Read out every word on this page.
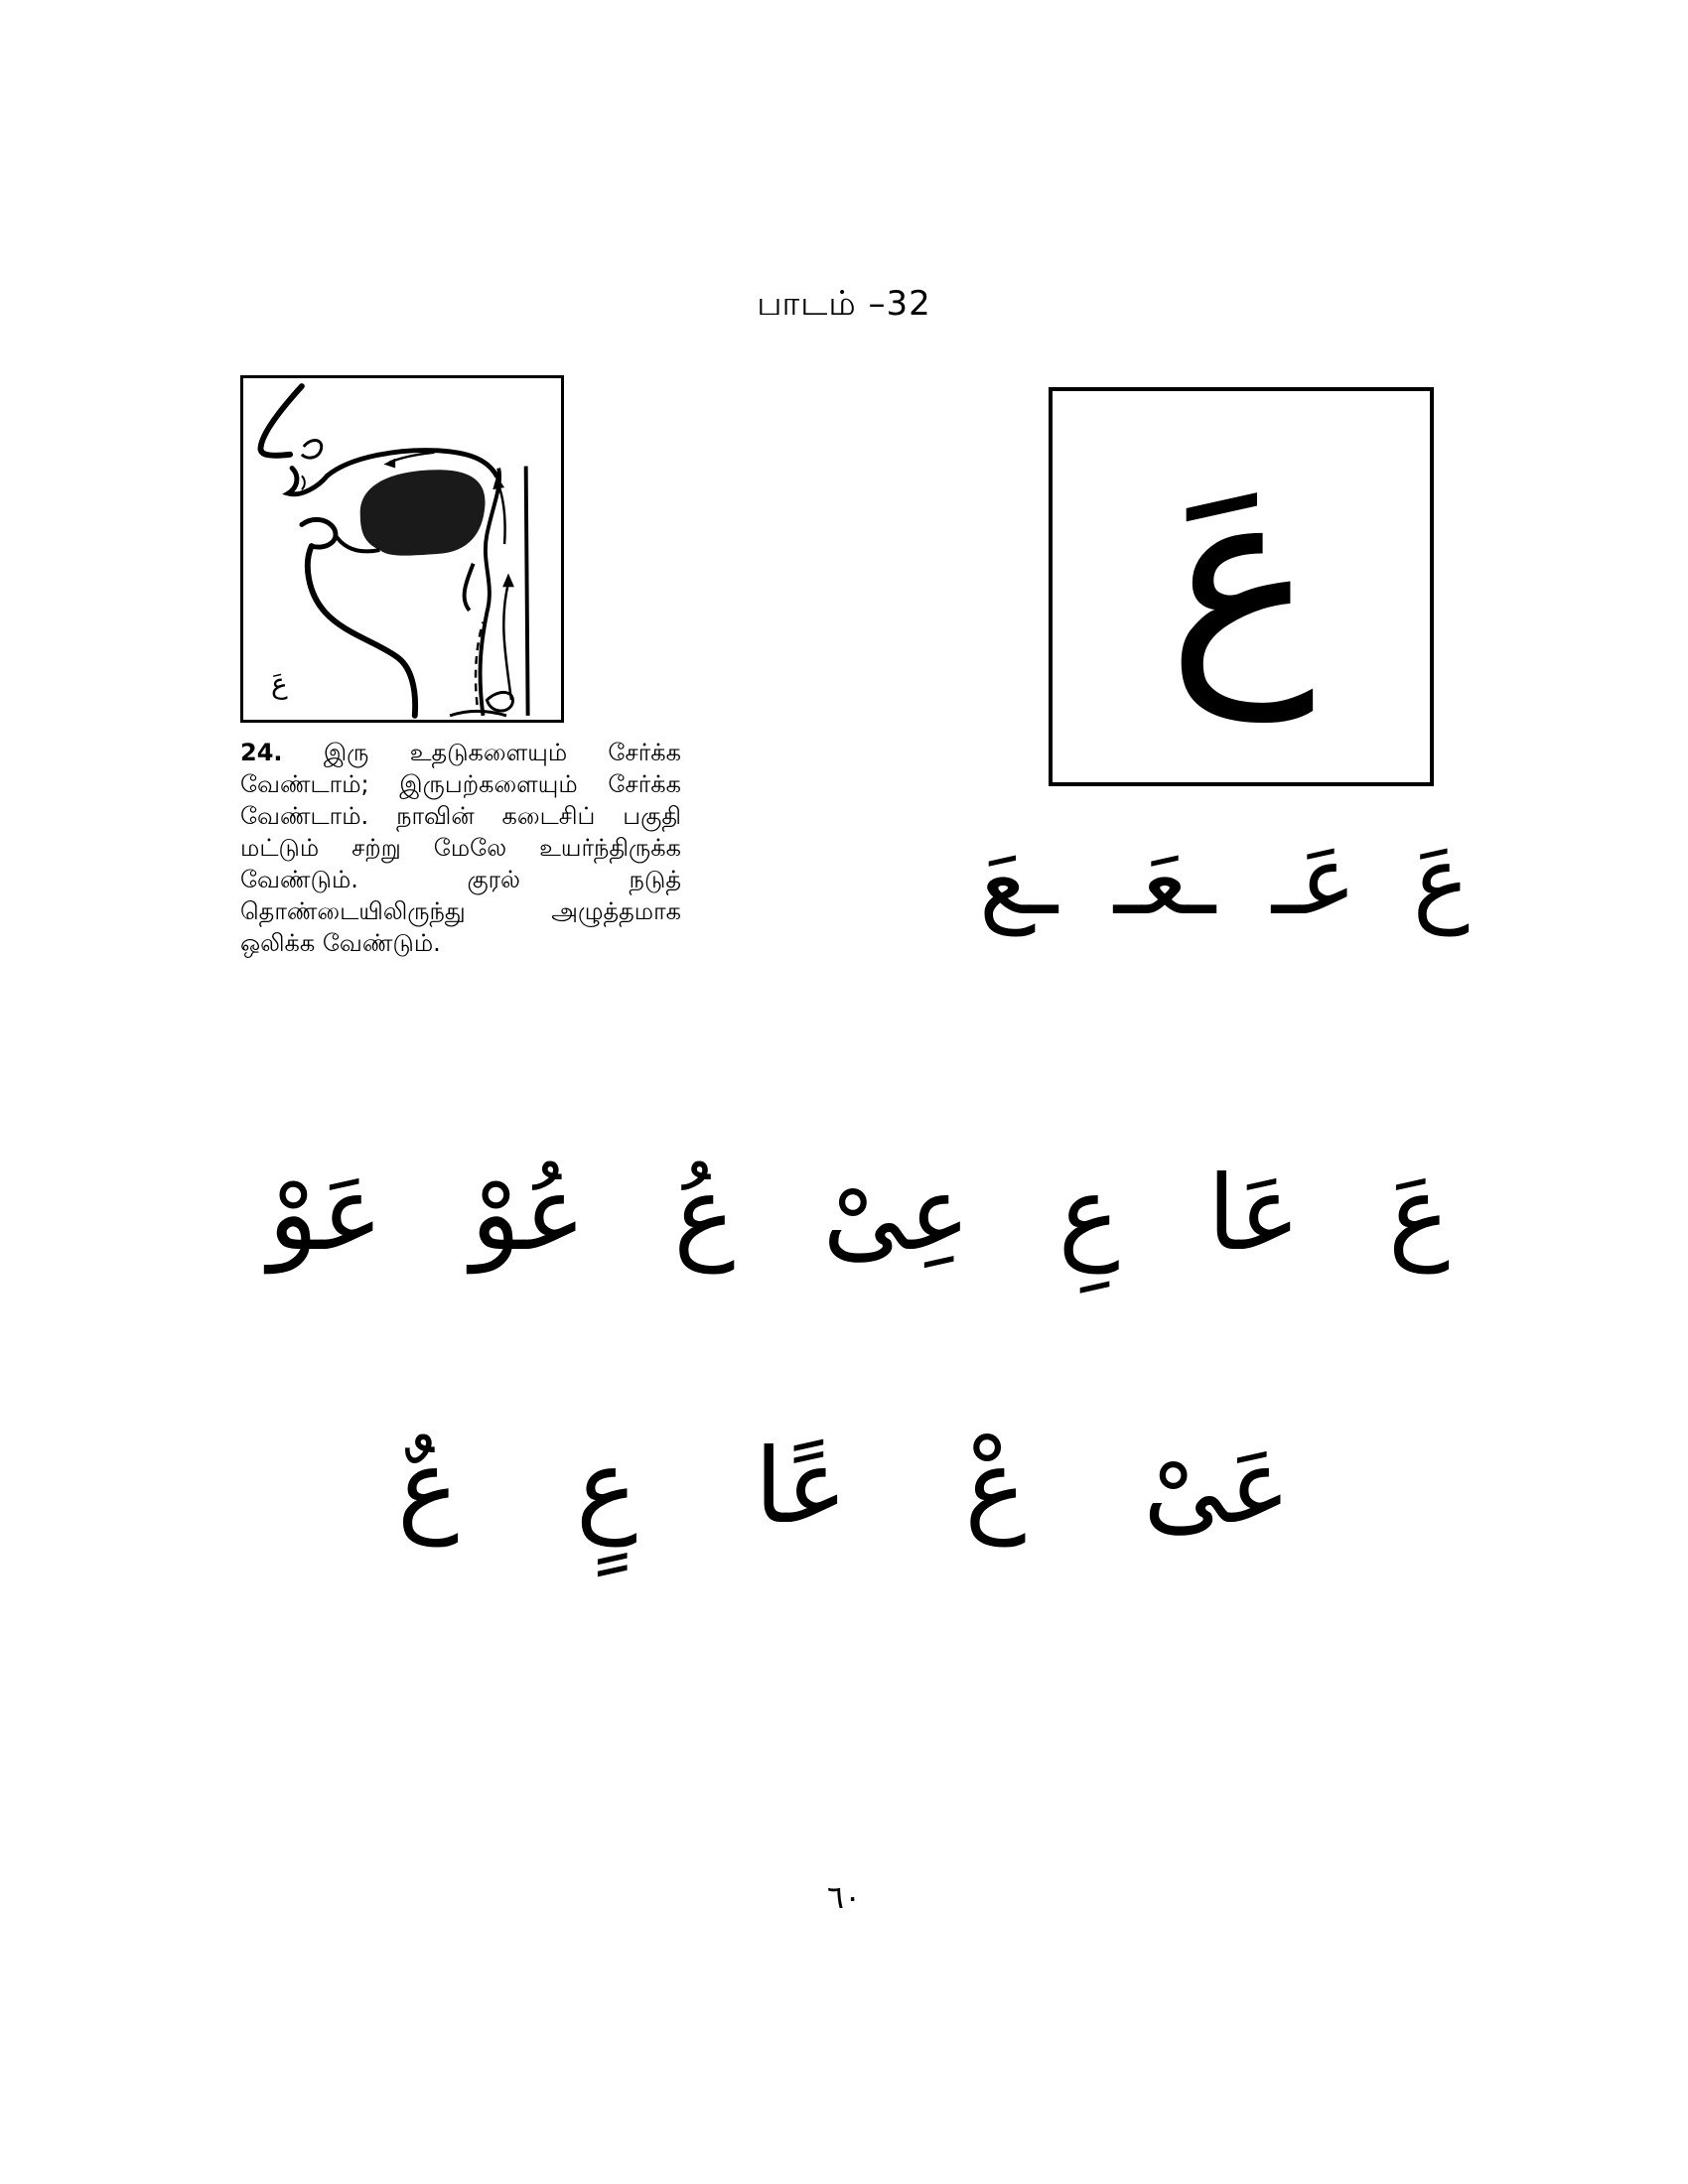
பாடம் –32
عَ
24. இரு உதடுகளையும் சேர்க்க வேண்டாம்; இருபற்களையும் சேர்க்க வேண்டாம். நாவின் கடைசிப் பகுதி மட்டும் சற்று மேலே உயர்ந்திருக்க வேண்டும். குரல் நடுத் தொண்டையிலிருந்து அழுத்தமாக ஒலிக்க வேண்டும்.
عَ
عَ عَـ ـعَـ ـعَ
عَ
عَا
عِ
عِیْ
عُ
عُوْ
عَوْ
عَیْ
عْ
عًا
عٍ
عٌ
٦٠
